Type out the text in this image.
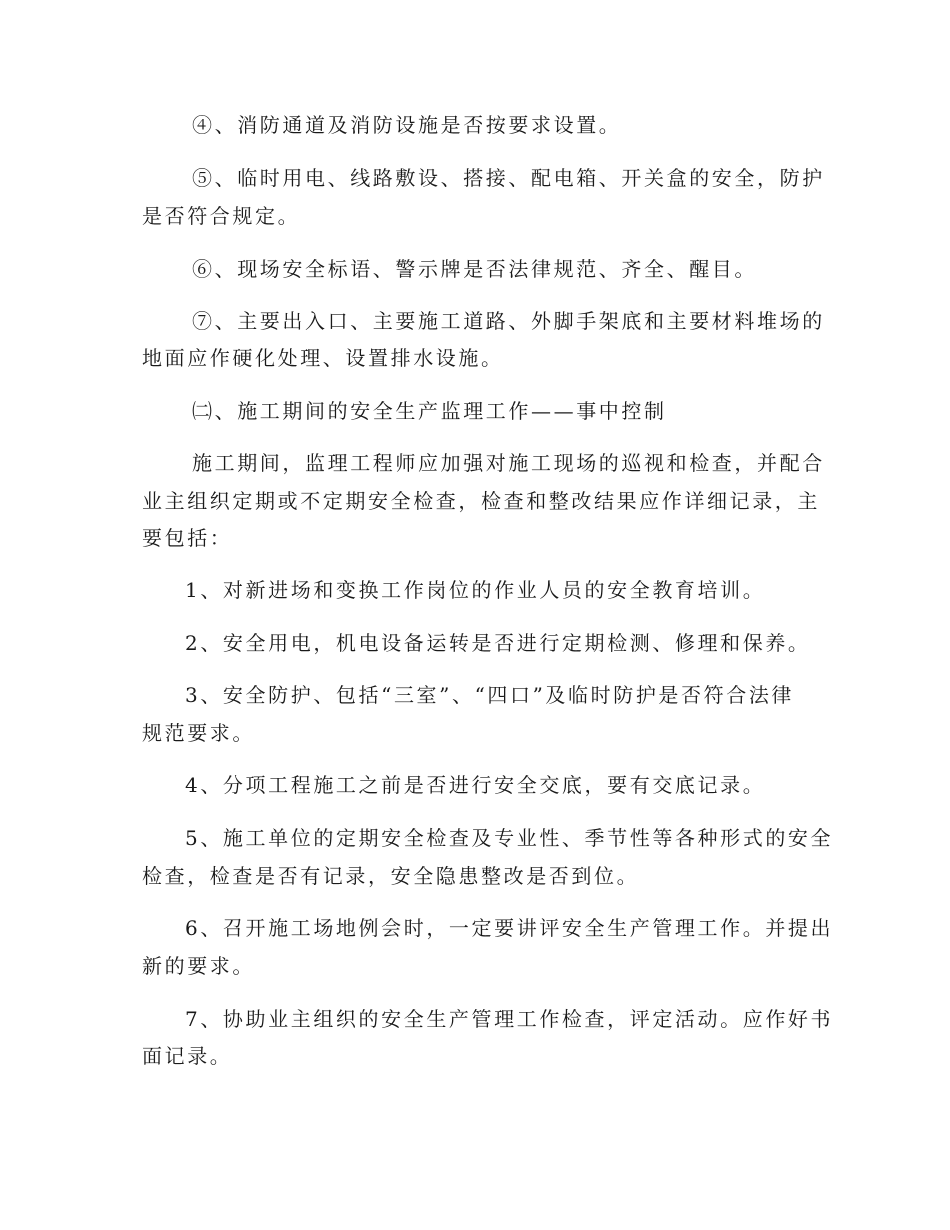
④、消防通道及消防设施是否按要求设置。
⑤、临时用电、线路敷设、搭接、配电箱、开关盒的安全，防护
是否符合规定。
⑥、现场安全标语、警示牌是否法律规范、齐全、醒目。
⑦、主要出入口、主要施工道路、外脚手架底和主要材料堆场的
地面应作硬化处理、设置排水设施。
㈡、施工期间的安全生产监理工作——事中控制
施工期间，监理工程师应加强对施工现场的巡视和检查，并配合
业主组织定期或不定期安全检查，检查和整改结果应作详细记录，主
要包括：
1、对新进场和变换工作岗位的作业人员的安全教育培训。
2、安全用电，机电设备运转是否进行定期检测、修理和保养。
3、安全防护、包括“三室”、“四口”及临时防护是否符合法律
规范要求。
4、分项工程施工之前是否进行安全交底，要有交底记录。
5、施工单位的定期安全检查及专业性、季节性等各种形式的安全
检查，检查是否有记录，安全隐患整改是否到位。
6、召开施工场地例会时，一定要讲评安全生产管理工作。并提出
新的要求。
7、协助业主组织的安全生产管理工作检查，评定活动。应作好书
面记录。
